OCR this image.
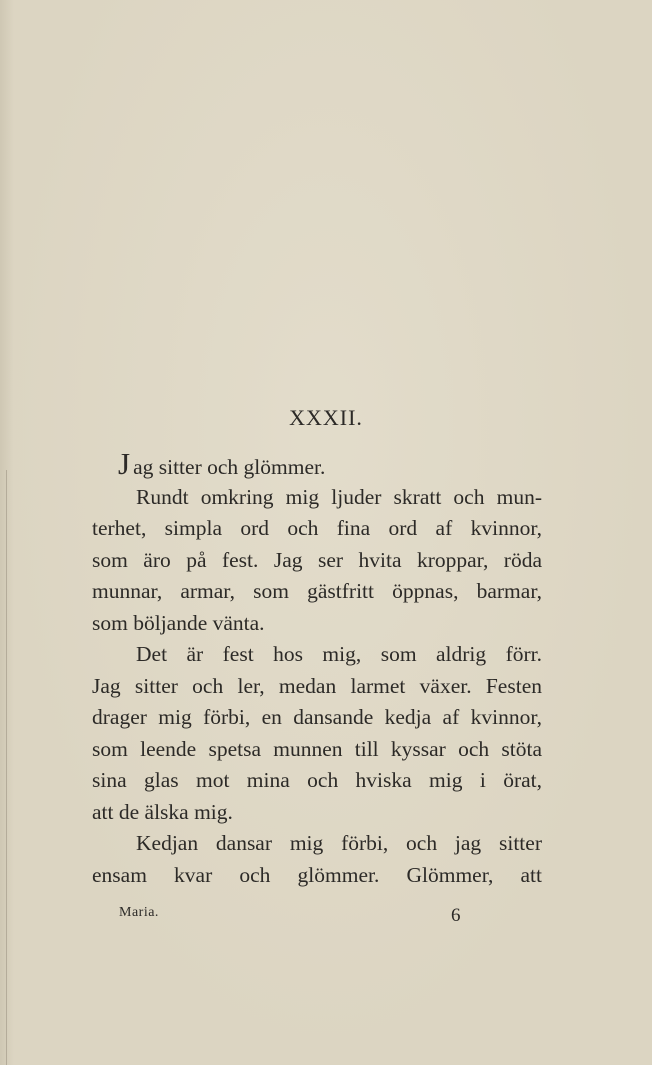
XXXII.
J ag sitter och glömmer.
Rundt omkring mig ljuder skratt och mun-
terhet, simpla ord och fina ord af kvinnor,
som äro på fest. Jag ser hvita kroppar, röda
munnar, armar, som gästfritt öppnas, barmar,
som böljande vänta.
Det är fest hos mig, som aldrig förr.
Jag sitter och ler, medan larmet växer. Festen
drager mig förbi, en dansande kedja af kvinnor,
som leende spetsa munnen till kyssar och stöta
sina glas mot mina och hviska mig i örat,
att de älska mig.
Kedjan dansar mig förbi, och jag sitter
ensam kvar och glömmer. Glömmer, att
Maria.	6
